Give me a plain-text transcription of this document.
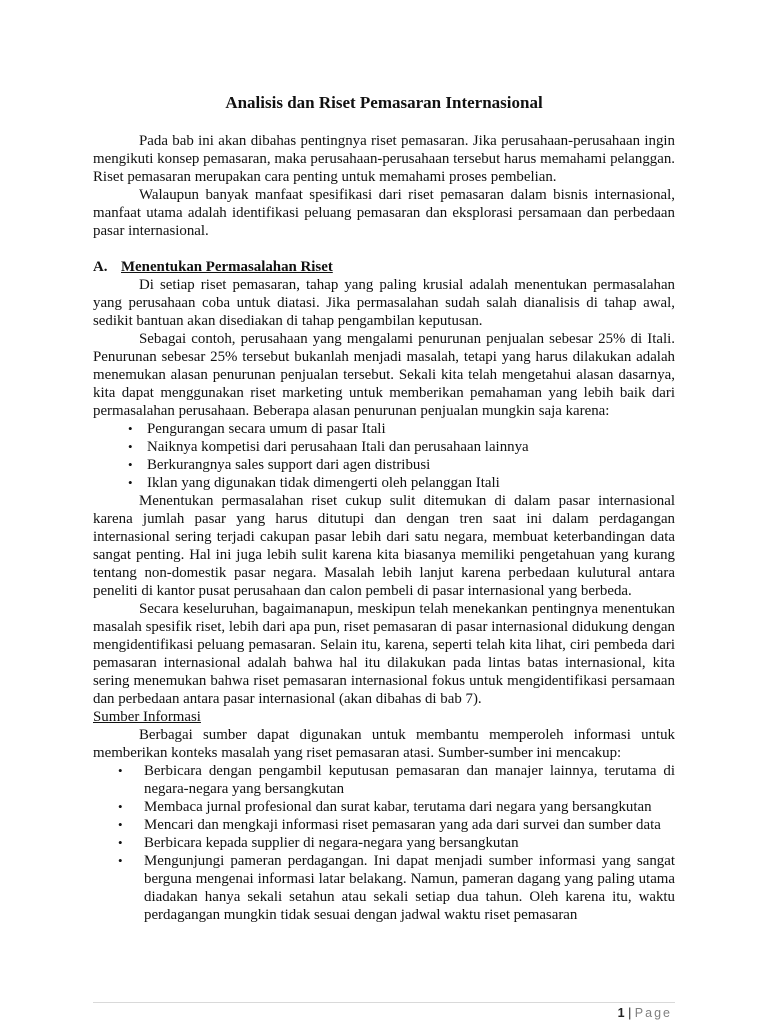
Analisis dan Riset Pemasaran Internasional

Pada bab ini akan dibahas pentingnya riset pemasaran. Jika perusahaan-perusahaan ingin mengikuti konsep pemasaran, maka perusahaan-perusahaan tersebut harus memahami pelanggan. Riset pemasaran merupakan cara penting untuk memahami proses pembelian.

Walaupun banyak manfaat spesifikasi dari riset pemasaran dalam bisnis internasional, manfaat utama adalah identifikasi peluang pemasaran dan eksplorasi persamaan dan perbedaan pasar internasional.

A. Menentukan Permasalahan Riset

Di setiap riset pemasaran, tahap yang paling krusial adalah menentukan permasalahan yang perusahaan coba untuk diatasi. Jika permasalahan sudah salah dianalisis di tahap awal, sedikit bantuan akan disediakan di tahap pengambilan keputusan.

Sebagai contoh, perusahaan yang mengalami penurunan penjualan sebesar 25% di Itali. Penurunan sebesar 25% tersebut bukanlah menjadi masalah, tetapi yang harus dilakukan adalah menemukan alasan penurunan penjualan tersebut. Sekali kita telah mengetahui alasan dasarnya, kita dapat menggunakan riset marketing untuk memberikan pemahaman yang lebih baik dari permasalahan perusahaan. Beberapa alasan penurunan penjualan mungkin saja karena:

• Pengurangan secara umum di pasar Itali
• Naiknya kompetisi dari perusahaan Itali dan perusahaan lainnya
• Berkurangnya sales support dari agen distribusi
• Iklan yang digunakan tidak dimengerti oleh pelanggan Itali

Menentukan permasalahan riset cukup sulit ditemukan di dalam pasar internasional karena jumlah pasar yang harus ditutupi dan dengan tren saat ini dalam perdagangan internasional sering terjadi cakupan pasar lebih dari satu negara, membuat keterbandingan data sangat penting. Hal ini juga lebih sulit karena kita biasanya memiliki pengetahuan yang kurang tentang non-domestik pasar negara. Masalah lebih lanjut karena perbedaan kulutural antara peneliti di kantor pusat perusahaan dan calon pembeli di pasar internasional yang berbeda.

Secara keseluruhan, bagaimanapun, meskipun telah menekankan pentingnya menentukan masalah spesifik riset, lebih dari apa pun, riset pemasaran di pasar internasional didukung dengan mengidentifikasi peluang pemasaran. Selain itu, karena, seperti telah kita lihat, ciri pembeda dari pemasaran internasional adalah bahwa hal itu dilakukan pada lintas batas internasional, kita sering menemukan bahwa riset pemasaran internasional fokus untuk mengidentifikasi persamaan dan perbedaan antara pasar internasional (akan dibahas di bab 7).

Sumber Informasi

Berbagai sumber dapat digunakan untuk membantu memperoleh informasi untuk memberikan konteks masalah yang riset pemasaran atasi. Sumber-sumber ini mencakup:

• Berbicara dengan pengambil keputusan pemasaran dan manajer lainnya, terutama di negara-negara yang bersangkutan
• Membaca jurnal profesional dan surat kabar, terutama dari negara yang bersangkutan
• Mencari dan mengkaji informasi riset pemasaran yang ada dari survei dan sumber data
• Berbicara kepada supplier di negara-negara yang bersangkutan
• Mengunjungi pameran perdagangan. Ini dapat menjadi sumber informasi yang sangat berguna mengenai informasi latar belakang. Namun, pameran dagang yang paling utama diadakan hanya sekali setahun atau sekali setiap dua tahun. Oleh karena itu, waktu perdagangan mungkin tidak sesuai dengan jadwal waktu riset pemasaran
1 | Page
